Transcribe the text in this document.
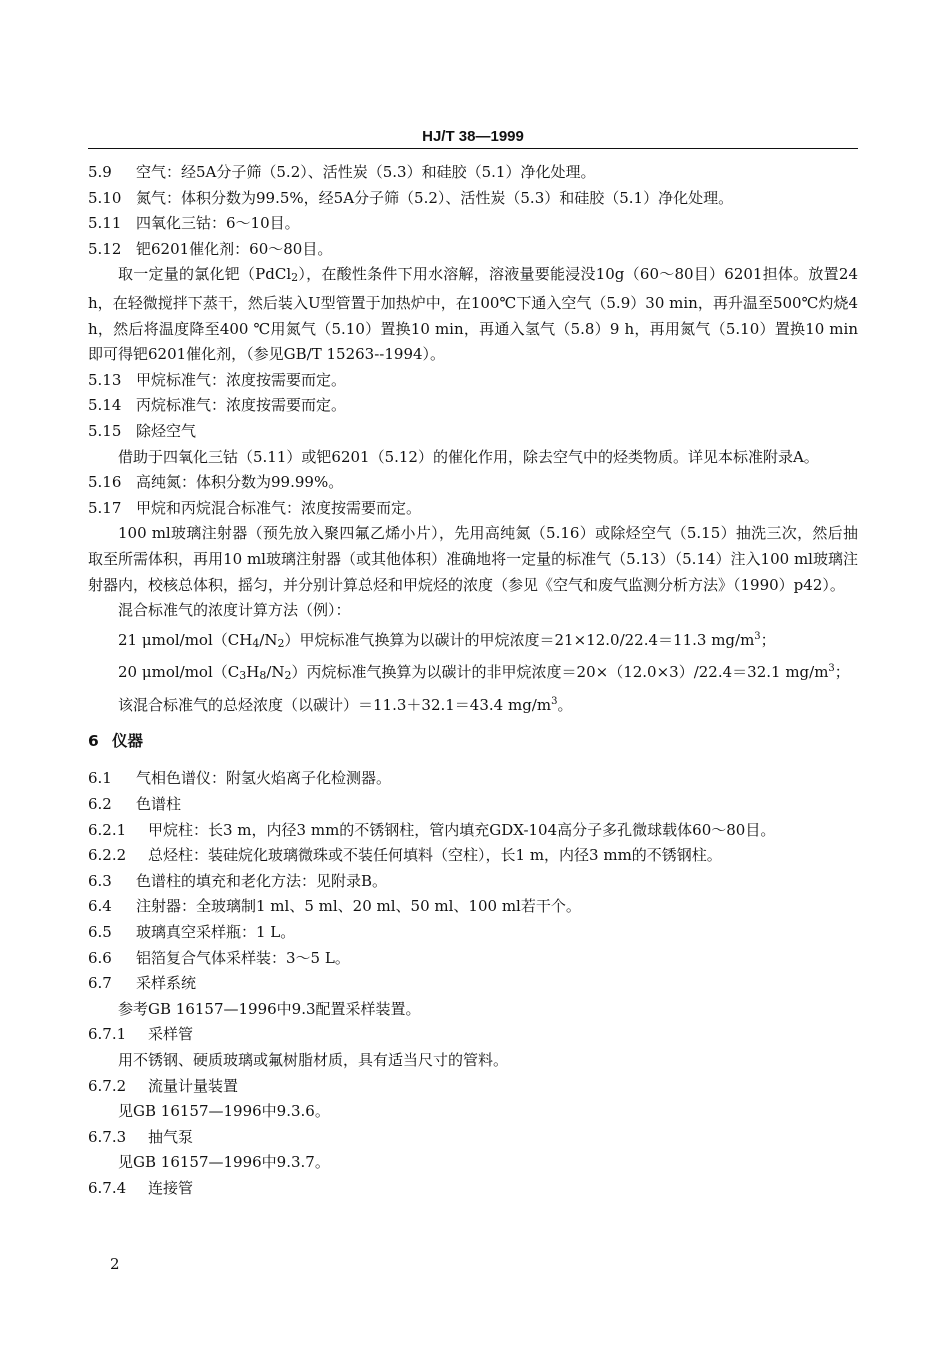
HJ/T 38—1999

5.9 空气：经5A分子筛（5.2）、活性炭（5.3）和硅胶（5.1）净化处理。

5.10 氮气：体积分数为99.5%，经5A分子筛（5.2）、活性炭（5.3）和硅胶（5.1）净化处理。

5.11 四氧化三钴：6～10目。

5.12 钯6201催化剂：60～80目。

取一定量的氯化钯（PdCl2），在酸性条件下用水溶解，溶液量要能浸没10g（60～80目）6201担体。放置24 h，在轻微搅拌下蒸干，然后装入U型管置于加热炉中，在100℃下通入空气（5.9）30 min，再升温至500℃灼烧4 h，然后将温度降至400 ℃用氮气（5.10）置换10 min，再通入氢气（5.8）9 h，再用氮气（5.10）置换10 min即可得钯6201催化剂，（参见GB/T 15263--1994）。

5.13 甲烷标准气：浓度按需要而定。

5.14 丙烷标准气：浓度按需要而定。

5.15 除烃空气

借助于四氧化三钴（5.11）或钯6201（5.12）的催化作用，除去空气中的烃类物质。详见本标准附录A。

5.16 高纯氮：体积分数为99.99%。

5.17 甲烷和丙烷混合标准气：浓度按需要而定。

100 ml玻璃注射器（预先放入聚四氟乙烯小片），先用高纯氮（5.16）或除烃空气（5.15）抽洗三次，然后抽取至所需体积，再用10 ml玻璃注射器（或其他体积）准确地将一定量的标准气（5.13）（5.14）注入100 ml玻璃注射器内，校核总体积，摇匀，并分别计算总烃和甲烷烃的浓度（参见《空气和废气监测分析方法》（1990）p42）。

混合标准气的浓度计算方法（例）：

21 μmol/mol（CH4/N2）甲烷标准气换算为以碳计的甲烷浓度＝21×12.0/22.4＝11.3 $mg/m^3$；

20 μmol/mol（C3H8/N2）丙烷标准气换算为以碳计的非甲烷浓度＝20×（12.0×3）/22.4＝32.1 $mg/m^3$；

该混合标准气的总烃浓度（以碳计）＝11.3＋32.1＝43.4 $mg/m^3$。

6 仪器

6.1 气相色谱仪：附氢火焰离子化检测器。

6.2 色谱柱

6.2.1 甲烷柱：长3 m，内径3 mm的不锈钢柱，管内填充GDX-104高分子多孔微球载体60～80目。

6.2.2 总烃柱：装硅烷化玻璃微珠或不装任何填料（空柱），长1 m，内径3 mm的不锈钢柱。

6.3 色谱柱的填充和老化方法：见附录B。

6.4 注射器：全玻璃制1 ml、5 ml、20 ml、50 ml、100 ml若干个。

6.5 玻璃真空采样瓶：1 L。

6.6 铝箔复合气体采样装：3～5 L。

6.7 采样系统

参考GB 16157—1996中9.3配置采样装置。

6.7.1 采样管

用不锈钢、硬质玻璃或氟树脂材质，具有适当尺寸的管料。

6.7.2 流量计量装置

见GB 16157—1996中9.3.6。

6.7.3 抽气泵

见GB 16157—1996中9.3.7。

6.7.4 连接管

2
